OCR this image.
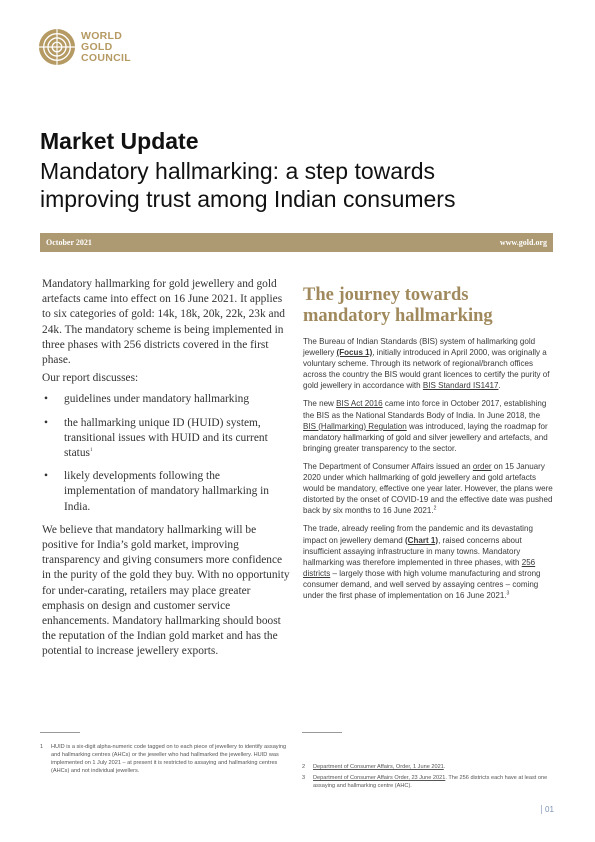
WORLD
GOLD
COUNCIL
Market Update
Mandatory hallmarking: a step towards
improving trust among Indian consumers
October 2021	www.gold.org

Mandatory hallmarking for gold jewellery and gold artefacts came into effect on 16 June 2021. It applies to six categories of gold: 14k, 18k, 20k, 22k, 23k and 24k. The mandatory scheme is being implemented in three phases with 256 districts covered in the first phase.

Our report discusses:

• guidelines under mandatory hallmarking
• the hallmarking unique ID (HUID) system, transitional issues with HUID and its current status$^1$
• likely developments following the implementation of mandatory hallmarking in India.

We believe that mandatory hallmarking will be positive for India’s gold market, improving transparency and giving consumers more confidence in the purity of the gold they buy. With no opportunity for under-carating, retailers may place greater emphasis on design and customer service enhancements. Mandatory hallmarking should boost the reputation of the Indian gold market and has the potential to increase jewellery exports.

The journey towards mandatory hallmarking

The Bureau of Indian Standards (BIS) system of hallmarking gold jewellery (Focus 1), initially introduced in April 2000, was originally a voluntary scheme. Through its network of regional/branch offices across the country the BIS would grant licences to certify the purity of gold jewellery in accordance with BIS Standard IS1417.

The new BIS Act 2016 came into force in October 2017, establishing the BIS as the National Standards Body of India. In June 2018, the BIS (Hallmarking) Regulation was introduced, laying the roadmap for mandatory hallmarking of gold and silver jewellery and artefacts, and bringing greater transparency to the sector.

The Department of Consumer Affairs issued an order on 15 January 2020 under which hallmarking of gold jewellery and gold artefacts would be mandatory, effective one year later. However, the plans were distorted by the onset of COVID-19 and the effective date was pushed back by six months to 16 June 2021.$^2$

The trade, already reeling from the pandemic and its devastating impact on jewellery demand (Chart 1), raised concerns about insufficient assaying infrastructure in many towns. Mandatory hallmarking was therefore implemented in three phases, with 256 districts – largely those with high volume manufacturing and strong consumer demand, and well served by assaying centres – coming under the first phase of implementation on 16 June 2021.$^3$

1 HUID is a six-digit alpha-numeric code tagged on to each piece of jewellery to identify assaying and hallmarking centres (AHCs) or the jeweller who had hallmarked the jewellery. HUID was implemented on 1 July 2021 – at present it is restricted to assaying and hallmarking centres (AHCs) and not individual jewellers.
2 Department of Consumer Affairs, Order, 1 June 2021.
3 Department of Consumer Affairs Order, 23 June 2021. The 256 districts each have at least one assaying and hallmarking centre (AHC).
01
